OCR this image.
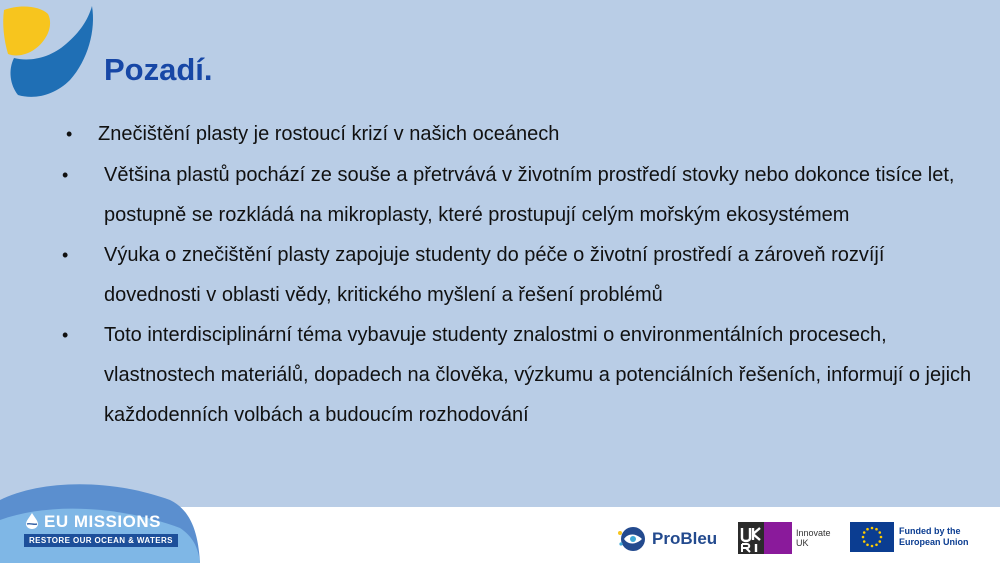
Pozadí.
•	Znečištění plasty je rostoucí krizí v našich oceánech
•	Většina plastů pochází ze souše a přetrvává v životním prostředí stovky nebo dokonce tisíce let, postupně se rozkládá na mikroplasty, které prostupují celým mořským ekosystémem
•	Výuka o znečištění plasty zapojuje studenty do péče o životní prostředí a zároveň rozvíjí dovednosti v oblasti vědy, kritického myšlení a řešení problémů
•	Toto interdisciplinární téma vybavuje studenty znalostmi o environmentálních procesech, vlastnostech materiálů, dopadech na člověka, výzkumu a potenciálních řešeních, informují o jejich každodenních volbách a budoucím rozhodování
EU MISSIONS
RESTORE OUR OCEAN & WATERS	ProBleu	Innovate UK
Funded by the European Union
